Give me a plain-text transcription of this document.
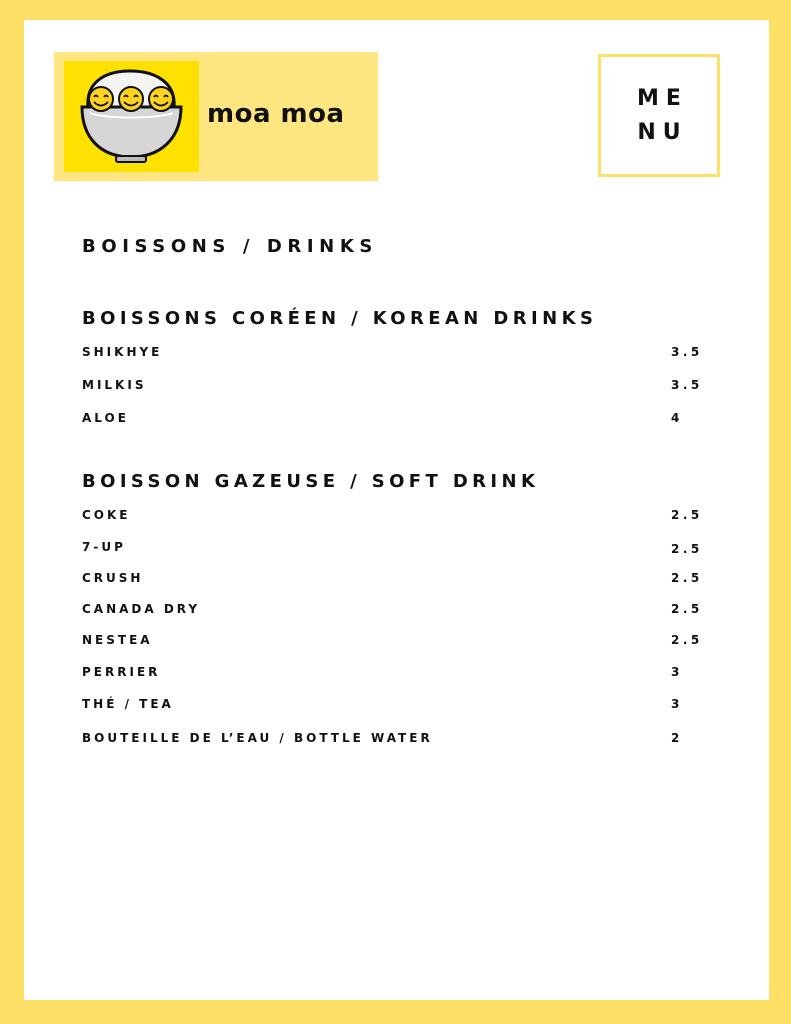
moa moa
ME
NU
BOISSONS / DRINKS
BOISSONS CORÉEN / KOREAN DRINKS
SHIKHYE	3.5
MILKIS	3.5
ALOE	4
BOISSON GAZEUSE / SOFT DRINK
COKE	2.5
7-UP	2.5
CRUSH	2.5
CANADA DRY	2.5
NESTEA	2.5
PERRIER	3
THÉ / TEA	3
BOUTEILLE DE L’EAU / BOTTLE WATER	2
